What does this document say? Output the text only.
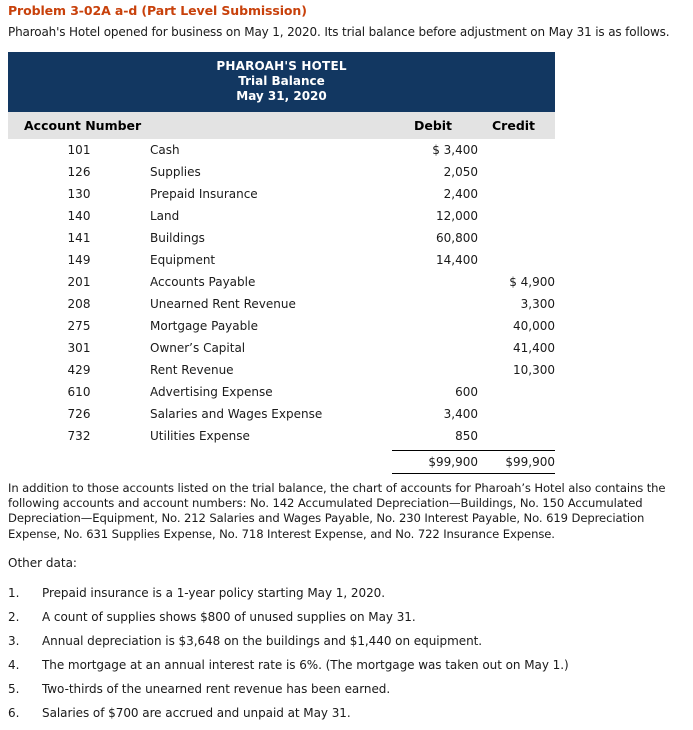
Problem 3-02A a-d (Part Level Submission)
Pharoah's Hotel opened for business on May 1, 2020. Its trial balance before adjustment on May 31 is as follows.
PHAROAH'S HOTEL
Trial Balance
May 31, 2020			

Account Number		Debit	Credit
101	Cash	$ 3,400	
126	Supplies	2,050	
130	Prepaid Insurance	2,400	
140	Land	12,000	
141	Buildings	60,800	
149	Equipment	14,400	
201	Accounts Payable		$ 4,900
208	Unearned Rent Revenue		3,300
275	Mortgage Payable		40,000
301	Owner’s Capital		41,400
429	Rent Revenue		10,300
610	Advertising Expense	600	
726	Salaries and Wages Expense	3,400	
732	Utilities Expense	850	

		$99,900	$99,900
In addition to those accounts listed on the trial balance, the chart of accounts for Pharoah’s Hotel also contains the following accounts and account numbers: No. 142 Accumulated Depreciation—Buildings, No. 150 Accumulated Depreciation—Equipment, No. 212 Salaries and Wages Payable, No. 230 Interest Payable, No. 619 Depreciation Expense, No. 631 Supplies Expense, No. 718 Interest Expense, and No. 722 Insurance Expense.
Other data:
1.	Prepaid insurance is a 1-year policy starting May 1, 2020.
2.	A count of supplies shows $800 of unused supplies on May 31.
3.	Annual depreciation is $3,648 on the buildings and $1,440 on equipment.
4.	The mortgage at an annual interest rate is 6%. (The mortgage was taken out on May 1.)
5.	Two-thirds of the unearned rent revenue has been earned.
6.	Salaries of $700 are accrued and unpaid at May 31.
